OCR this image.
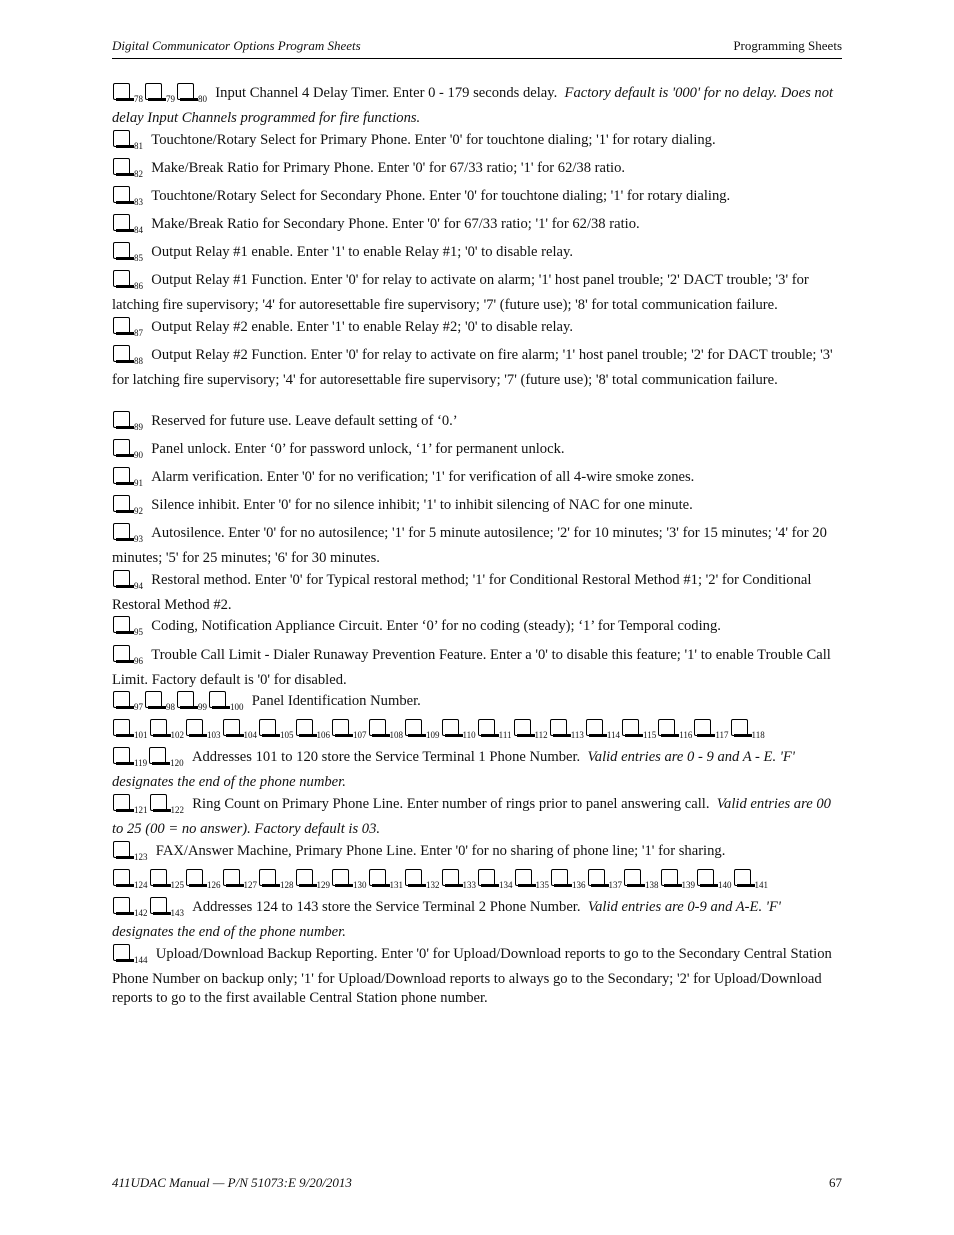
Digital Communicator Options Program Sheets	Programming Sheets

$_{78}$	$_{79}$	$_{80}$ Input Channel 4 Delay Timer. Enter 0 - 179 seconds delay. Factory default is '000' for no delay. Does not delay Input Channels programmed for fire functions.

$_{81}$ Touchtone/Rotary Select for Primary Phone. Enter '0' for touchtone dialing; '1' for rotary dialing.

$_{82}$ Make/Break Ratio for Primary Phone. Enter '0' for 67/33 ratio; '1' for 62/38 ratio.

$_{83}$ Touchtone/Rotary Select for Secondary Phone. Enter '0' for touchtone dialing; '1' for rotary dialing.

$_{84}$ Make/Break Ratio for Secondary Phone. Enter '0' for 67/33 ratio; '1' for 62/38 ratio.

$_{85}$ Output Relay #1 enable. Enter '1' to enable Relay #1; '0' to disable relay.

$_{86}$ Output Relay #1 Function. Enter '0' for relay to activate on alarm; '1' host panel trouble; '2' DACT trouble; '3' for latching fire supervisory; '4' for autoresettable fire supervisory; '7' (future use); '8' for total communication failure.

$_{87}$ Output Relay #2 enable. Enter '1' to enable Relay #2; '0' to disable relay.

$_{88}$ Output Relay #2 Function. Enter '0' for relay to activate on fire alarm; '1' host panel trouble; '2' for DACT trouble; '3' for latching fire supervisory; '4' for autoresettable fire supervisory; '7' (future use); '8' total communication failure.

$_{89}$ Reserved for future use. Leave default setting of ‘0.’

$_{90}$ Panel unlock. Enter ‘0’ for password unlock, ‘1’ for permanent unlock.

$_{91}$ Alarm verification. Enter '0' for no verification; '1' for verification of all 4-wire smoke zones.

$_{92}$ Silence inhibit. Enter '0' for no silence inhibit; '1' to inhibit silencing of NAC for one minute.

$_{93}$ Autosilence. Enter '0' for no autosilence; '1' for 5 minute autosilence; '2' for 10 minutes; '3' for 15 minutes; '4' for 20 minutes; '5' for 25 minutes; '6' for 30 minutes.

$_{94}$ Restoral method. Enter '0' for Typical restoral method; '1' for Conditional Restoral Method #1; '2' for Conditional Restoral Method #2.

$_{95}$ Coding, Notification Appliance Circuit. Enter ‘0’ for no coding (steady); ‘1’ for Temporal coding.

$_{96}$ Trouble Call Limit - Dialer Runaway Prevention Feature. Enter a '0' to disable this feature; '1' to enable Trouble Call Limit. Factory default is '0' for disabled.

$_{97}$	$_{98}$	$_{99}$	$_{100}$ Panel Identification Number.

$_{101}$	$_{102}$	$_{103}$	$_{104}$	$_{105}$	$_{106}$	$_{107}$	$_{108}$	$_{109}$	$_{110}$	$_{111}$	$_{112}$	$_{113}$	$_{114}$	$_{115}$	$_{116}$	$_{117}$	$_{118}$

$_{119}$	$_{120}$ Addresses 101 to 120 store the Service Terminal 1 Phone Number. Valid entries are 0 - 9 and A - E. 'F' designates the end of the phone number.

$_{121}$	$_{122}$ Ring Count on Primary Phone Line. Enter number of rings prior to panel answering call. Valid entries are 00 to 25 (00 = no answer). Factory default is 03.

$_{123}$ FAX/Answer Machine, Primary Phone Line. Enter '0' for no sharing of phone line; '1' for sharing.

$_{124}$	$_{125}$	$_{126}$	$_{127}$	$_{128}$	$_{129}$	$_{130}$	$_{131}$	$_{132}$	$_{133}$	$_{134}$	$_{135}$	$_{136}$	$_{137}$	$_{138}$	$_{139}$	$_{140}$	$_{141}$

$_{142}$	$_{143}$ Addresses 124 to 143 store the Service Terminal 2 Phone Number. Valid entries are 0-9 and A-E. 'F' designates the end of the phone number.

$_{144}$ Upload/Download Backup Reporting. Enter '0' for Upload/Download reports to go to the Secondary Central Station Phone Number on backup only; '1' for Upload/Download reports to always go to the Secondary; '2' for Upload/Download reports to go to the first available Central Station phone number.

411UDAC Manual — P/N 51073:E 9/20/2013	67
